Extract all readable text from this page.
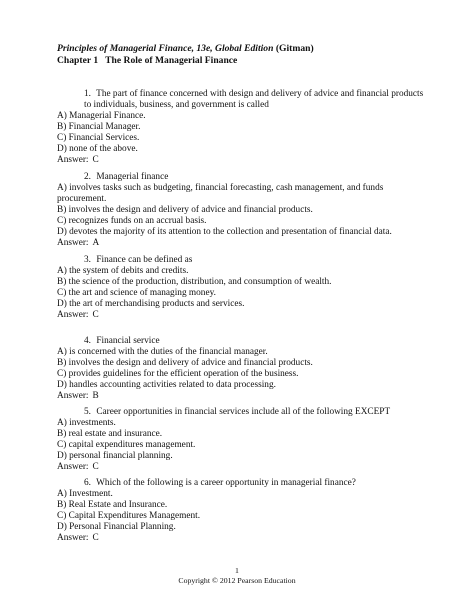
Principles of Managerial Finance, 13e, Global Edition (Gitman)
Chapter 1 The Role of Managerial Finance
1. The part of finance concerned with design and delivery of advice and financial products
to individuals, business, and government is called
A) Managerial Finance.
B) Financial Manager.
C) Financial Services.
D) none of the above.
Answer: C
2. Managerial finance
A) involves tasks such as budgeting, financial forecasting, cash management, and funds
procurement.
B) involves the design and delivery of advice and financial products.
C) recognizes funds on an accrual basis.
D) devotes the majority of its attention to the collection and presentation of financial data.
Answer: A
3. Finance can be defined as
A) the system of debits and credits.
B) the science of the production, distribution, and consumption of wealth.
C) the art and science of managing money.
D) the art of merchandising products and services.
Answer: C
4. Financial service
A) is concerned with the duties of the financial manager.
B) involves the design and delivery of advice and financial products.
C) provides guidelines for the efficient operation of the business.
D) handles accounting activities related to data processing.
Answer: B
5. Career opportunities in financial services include all of the following EXCEPT
A) investments.
B) real estate and insurance.
C) capital expenditures management.
D) personal financial planning.
Answer: C
6. Which of the following is a career opportunity in managerial finance?
A) Investment.
B) Real Estate and Insurance.
C) Capital Expenditures Management.
D) Personal Financial Planning.
Answer: C
1
Copyright © 2012 Pearson Education
